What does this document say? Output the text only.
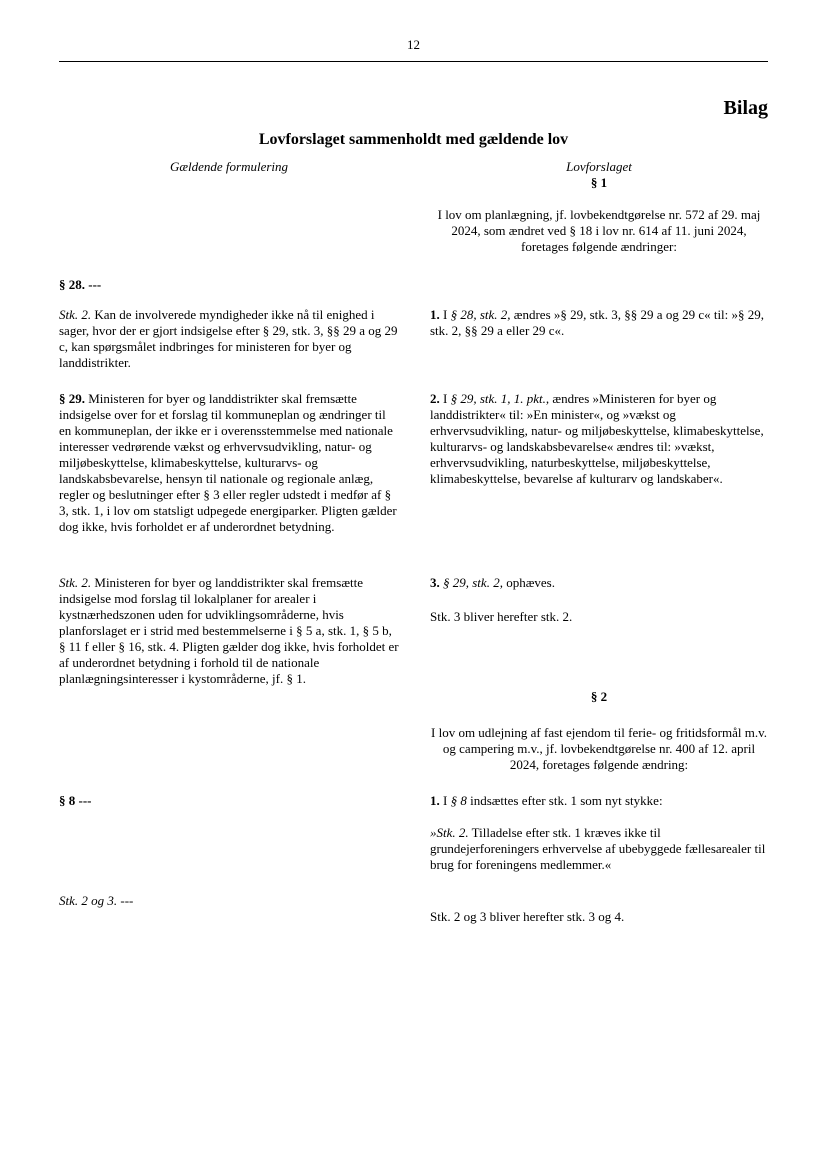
12
Bilag
Lovforslaget sammenholdt med gældende lov
Gældende formulering	Lovforslaget
§ 1
I lov om planlægning, jf. lovbekendtgørelse nr. 572 af 29. maj 2024, som ændret ved § 18 i lov nr. 614 af 11. juni 2024, foretages følgende ændringer:
§ 28. ---
Stk. 2. Kan de involverede myndigheder ikke nå til enighed i sager, hvor der er gjort indsigelse efter § 29, stk. 3, §§ 29 a og 29 c, kan spørgsmålet indbringes for ministeren for byer og landdistrikter.
§ 29. Ministeren for byer og landdistrikter skal fremsætte indsigelse over for et forslag til kommuneplan og ændringer til en kommuneplan, der ikke er i overensstemmelse med nationale interesser vedrørende vækst og erhvervsudvikling, natur- og miljøbeskyttelse, klimabeskyttelse, kulturarvs- og landskabsbevarelse, hensyn til nationale og regionale anlæg, regler og beslutninger efter § 3 eller regler udstedt i medfør af § 3, stk. 1, i lov om statsligt udpegede energiparker. Pligten gælder dog ikke, hvis forholdet er af underordnet betydning.
Stk. 2. Ministeren for byer og landdistrikter skal fremsætte indsigelse mod forslag til lokalplaner for arealer i kystnærhedszonen uden for udviklingsområderne, hvis planforslaget er i strid med bestemmelserne i § 5 a, stk. 1, § 5 b, § 11 f eller § 16, stk. 4. Pligten gælder dog ikke, hvis forholdet er af underordnet betydning i forhold til de nationale planlægningsinteresser i kystområderne, jf. § 1.
§ 8 ---
Stk. 2 og 3. ---
1. I § 28, stk. 2, ændres »§ 29, stk. 3, §§ 29 a og 29 c« til: »§ 29, stk. 2, §§ 29 a eller 29 c«.
2. I § 29, stk. 1, 1. pkt., ændres »Ministeren for byer og landdistrikter« til: »En minister«, og »vækst og erhvervsudvikling, natur- og miljøbeskyttelse, klimabeskyttelse, kulturarvs- og landskabsbevarelse« ændres til: »vækst, erhvervsudvikling, naturbeskyttelse, miljøbeskyttelse, klimabeskyttelse, bevarelse af kulturarv og landskaber«.
3. § 29, stk. 2, ophæves.
Stk. 3 bliver herefter stk. 2.
§ 2
I lov om udlejning af fast ejendom til ferie- og fritidsformål m.v. og campering m.v., jf. lovbekendtgørelse nr. 400 af 12. april 2024, foretages følgende ændring:
1. I § 8 indsættes efter stk. 1 som nyt stykke:
»Stk. 2. Tilladelse efter stk. 1 kræves ikke til grundejerforeningers erhvervelse af ubebyggede fællesarealer til brug for foreningens medlemmer.«
Stk. 2 og 3 bliver herefter stk. 3 og 4.
